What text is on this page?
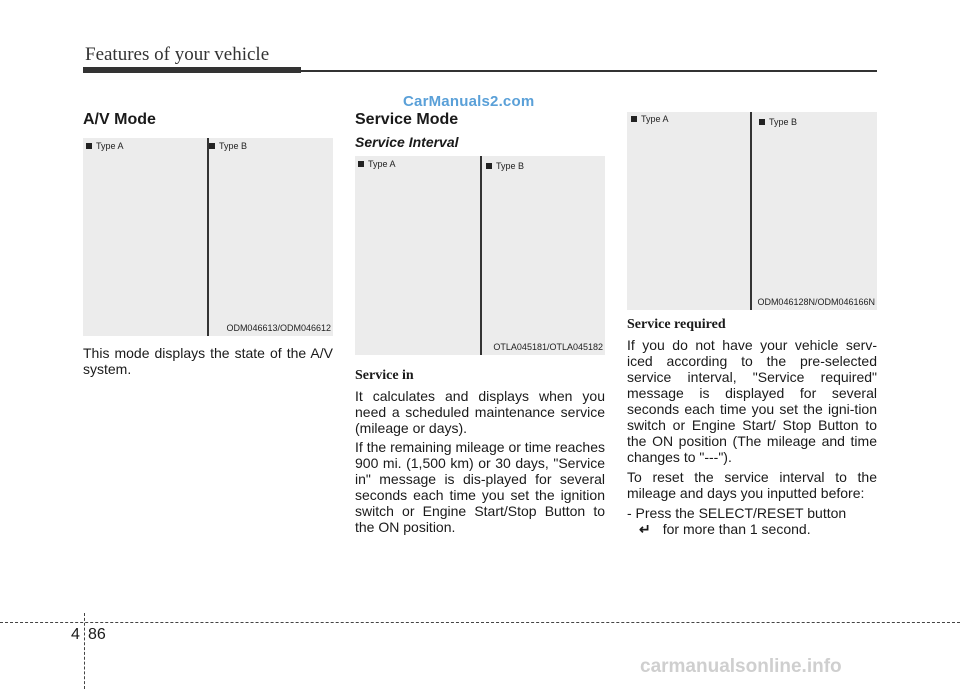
Features of your vehicle
CarManuals2.com
A/V Mode
Type A	Type B
ODM046613/ODM046612
This mode displays the state of the A/V system.
Service Mode
Service Interval
Type A	Type B
OTLA045181/OTLA045182
Service in
It calculates and displays when you need a scheduled maintenance service (mileage or days).
If the remaining mileage or time reaches 900 mi. (1,500 km) or 30 days, "Service in" message is dis-played for several seconds each time you set the ignition switch or Engine Start/Stop Button to the ON position.
Type A	Type B
ODM046128N/ODM046166N
Service required
If you do not have your vehicle serv-iced according to the pre-selected service interval, "Service required" message is displayed for several seconds each time you set the igni-tion switch or Engine Start/ Stop Button to the ON position (The mileage and time changes to "---").
To reset the service interval to the mileage and days you inputted before:
- Press the SELECT/RESET button
↵ for more than 1 second.
4 86
carmanualsonline.info
